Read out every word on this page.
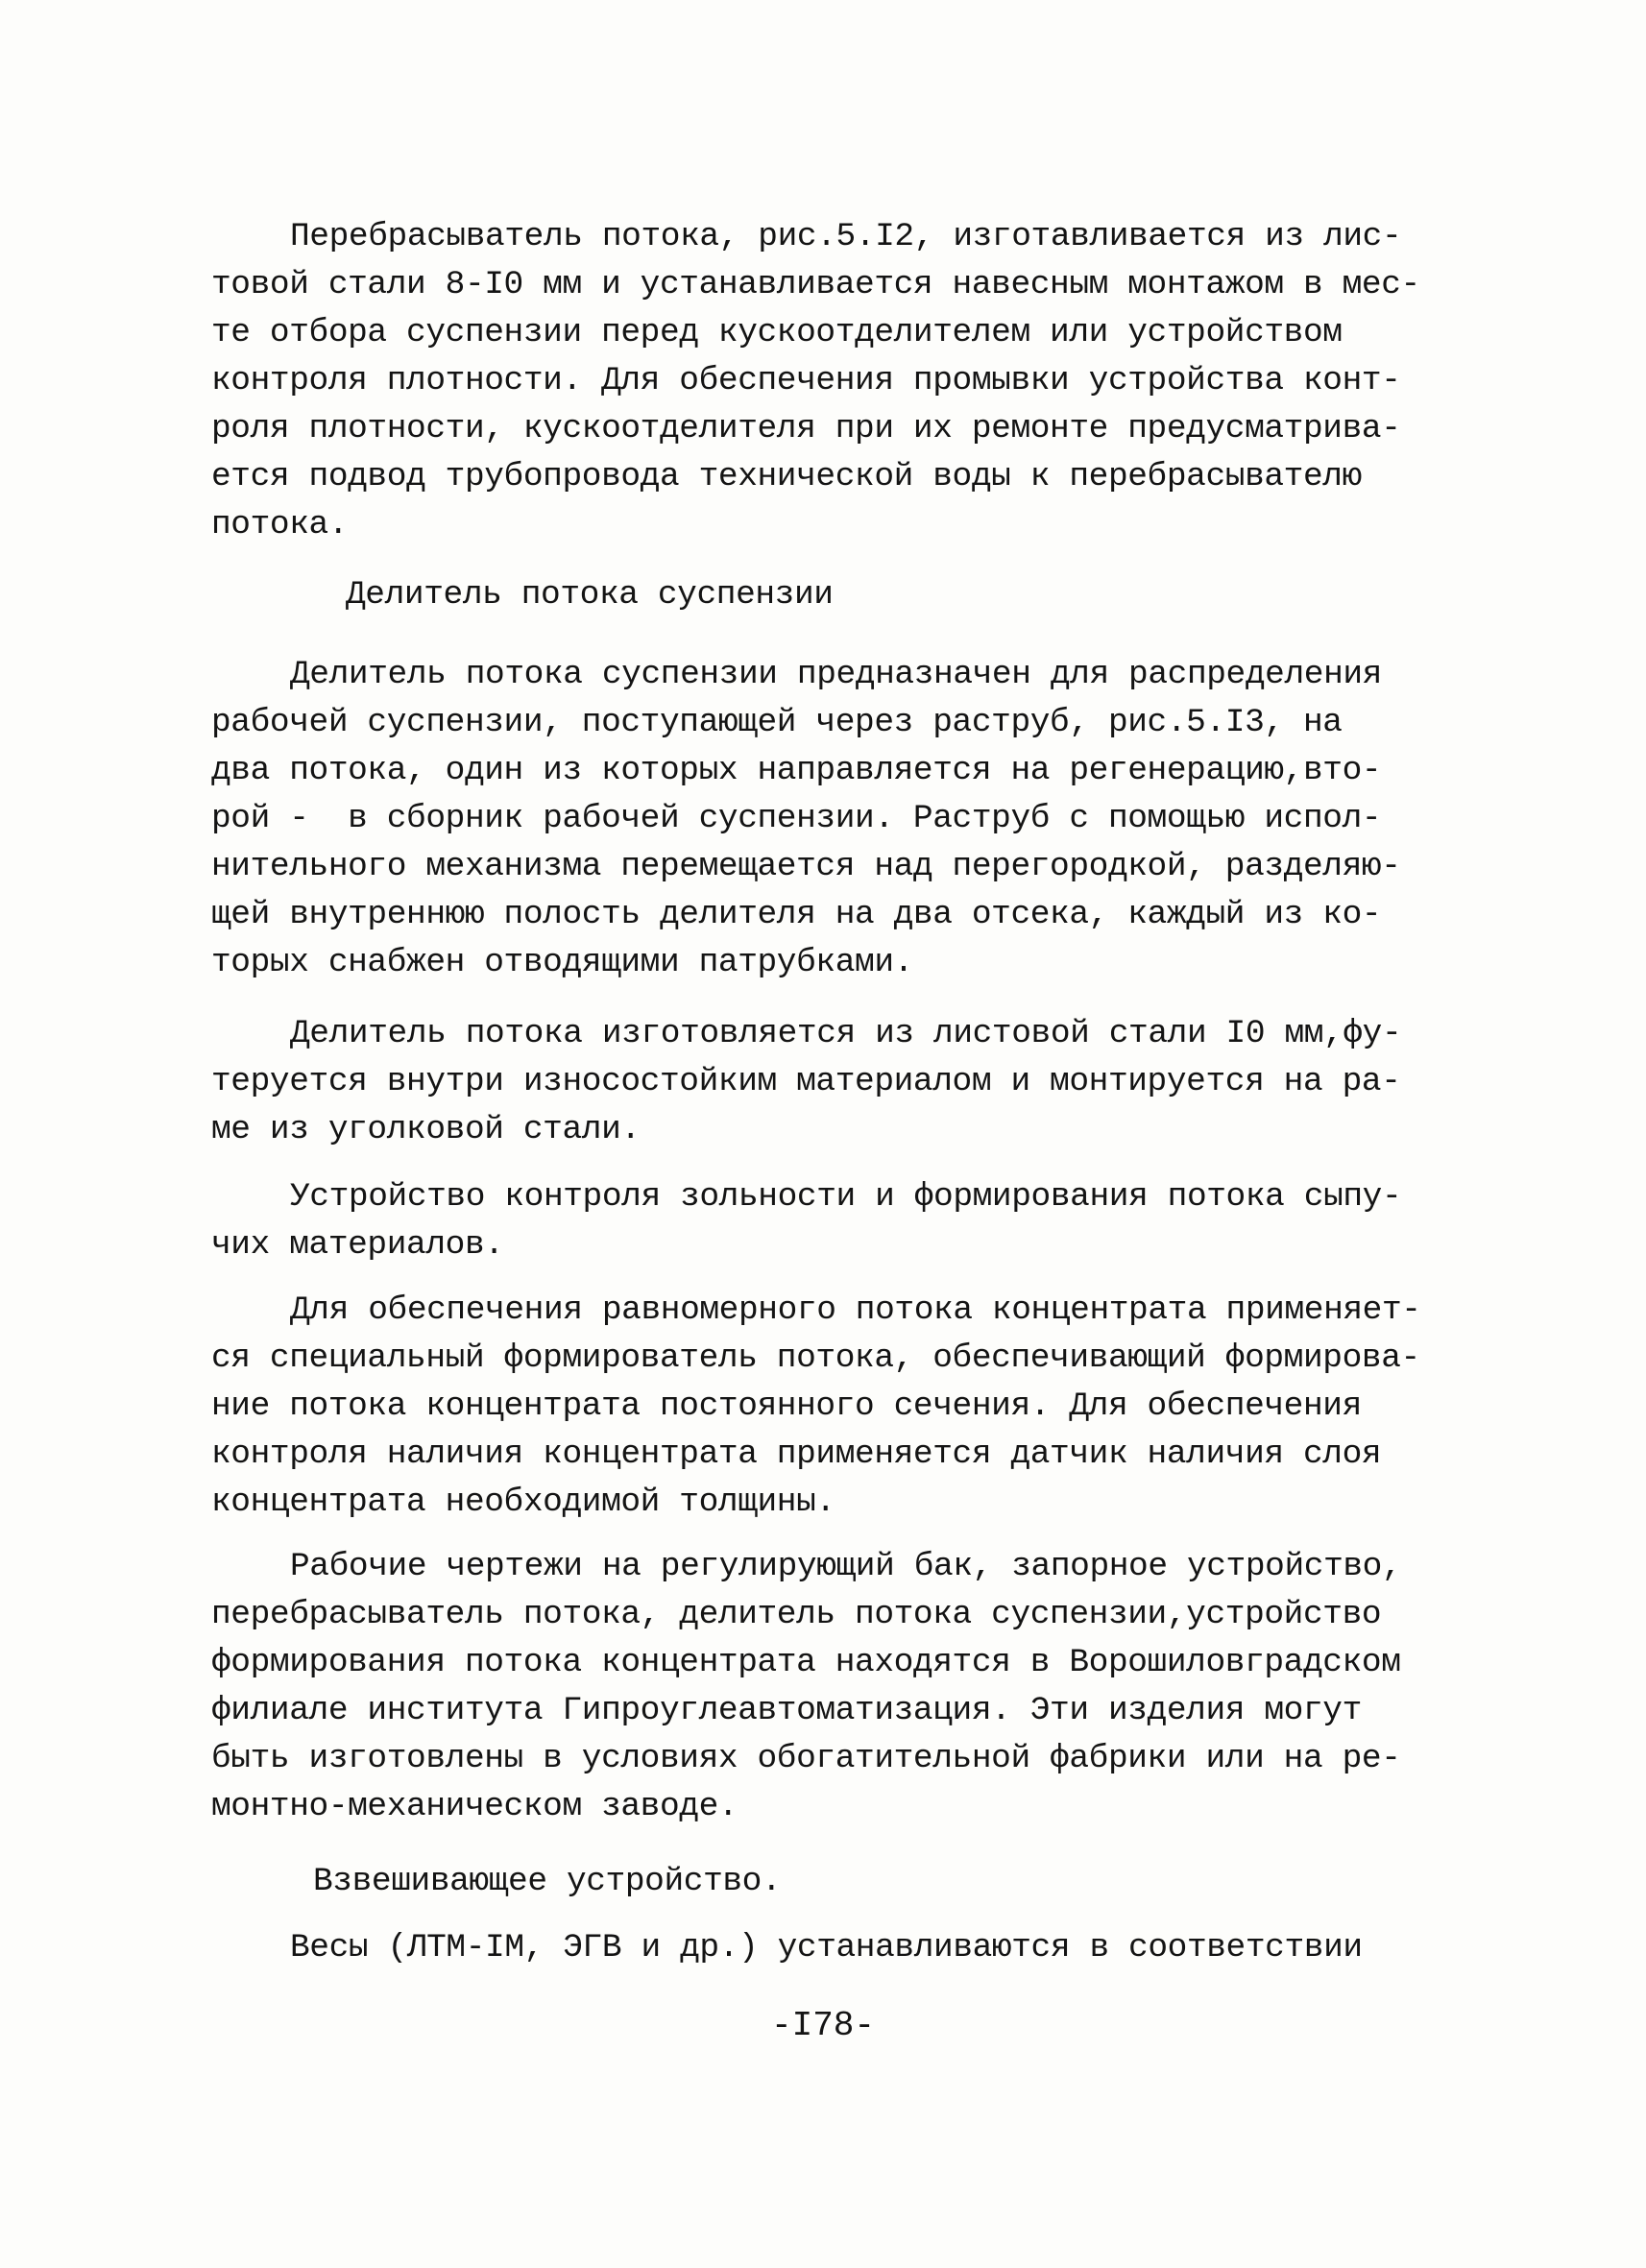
Перебрасыватель потока, рис.5.I2, изготавливается из лис-
товой стали 8-I0 мм и устанавливается навесным монтажом в мес-
те отбора суспензии перед кускоотделителем или устройством
контроля плотности. Для обеспечения промывки устройства конт-
роля плотности, кускоотделителя при их ремонте предусматрива-
ется подвод трубопровода технической воды к перебрасывателю
потока.
Делитель потока суспензии
Делитель потока суспензии предназначен для распределения
рабочей суспензии, поступающей через раструб, рис.5.I3, на
два потока, один из которых направляется на регенерацию,вто-
рой -  в сборник рабочей суспензии. Раструб с помощью испол-
нительного механизма перемещается над перегородкой, разделяю-
щей внутреннюю полость делителя на два отсека, каждый из ко-
торых снабжен отводящими патрубками.
Делитель потока изготовляется из листовой стали I0 мм,фу-
теруется внутри износостойким материалом и монтируется на ра-
ме из уголковой стали.
Устройство контроля зольности и формирования потока сыпу-
чих материалов.
Для обеспечения равномерного потока концентрата применяет-
ся специальный формирователь потока, обеспечивающий формирова-
ние потока концентрата постоянного сечения. Для обеспечения
контроля наличия концентрата применяется датчик наличия слоя
концентрата необходимой толщины.
Рабочие чертежи на регулирующий бак, запорное устройство,
перебрасыватель потока, делитель потока суспензии,устройство
формирования потока концентрата находятся в Ворошиловградском
филиале института Гипроуглеавтоматизация. Эти изделия могут
быть изготовлены в условиях обогатительной фабрики или на ре-
монтно-механическом заводе.
Взвешивающее устройство.
Весы (ЛТМ-IМ, ЭГВ и др.) устанавливаются в соответствии
-I78-
